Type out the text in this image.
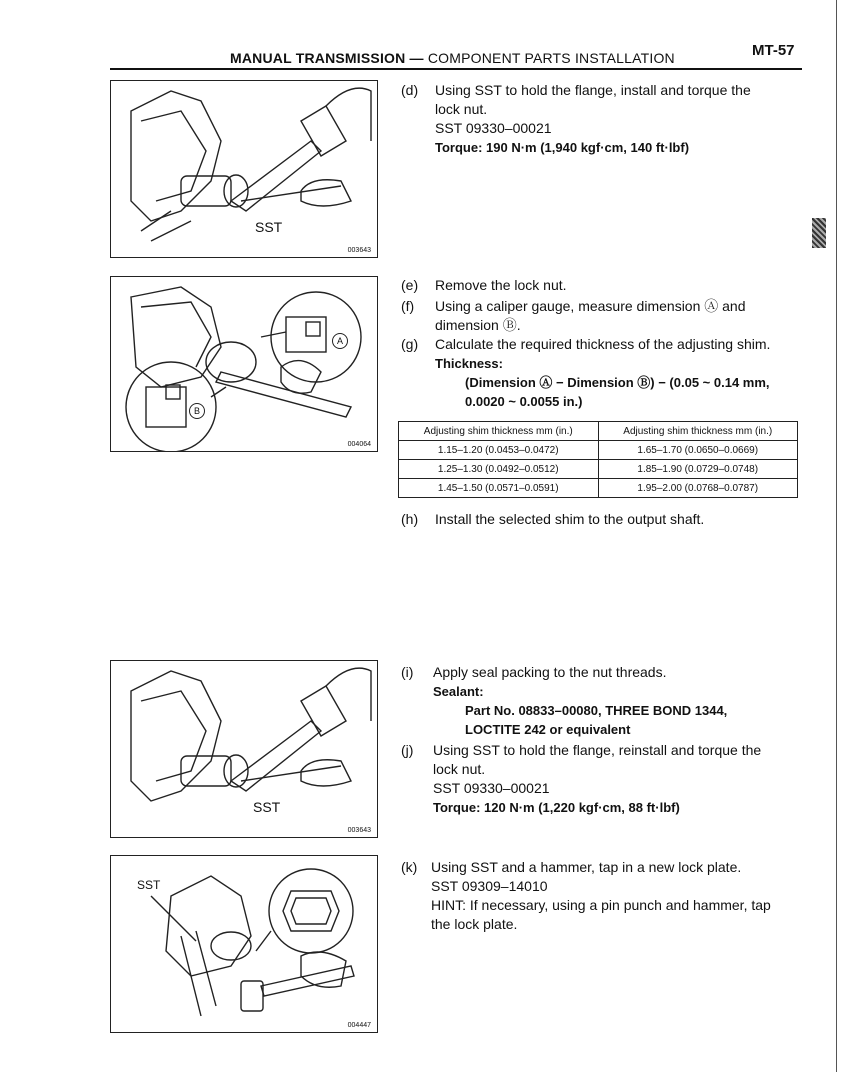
MANUAL TRANSMISSION — COMPONENT PARTS INSTALLATION	MT-57
SST
003643
(d) Using SST to hold the flange, install and torque the
lock nut.
SST 09330–00021
Torque: 190 N·m (1,940 kgf·cm, 140 ft·lbf)
A
B
004064
(e) Remove the lock nut.
(f) Using a caliper gauge, measure dimension Ⓐ and
dimension Ⓑ.
(g) Calculate the required thickness of the adjusting shim.
Thickness:
(Dimension Ⓐ − Dimension Ⓑ) − (0.05 ~ 0.14 mm,
0.0020 ~ 0.0055 in.)
Adjusting shim thickness mm (in.)	Adjusting shim thickness mm (in.)
1.15–1.20 (0.0453–0.0472)	1.65–1.70 (0.0650–0.0669)
1.25–1.30 (0.0492–0.0512)	1.85–1.90 (0.0729–0.0748)
1.45–1.50 (0.0571–0.0591)	1.95–2.00 (0.0768–0.0787)
(h) Install the selected shim to the output shaft.
SST
003643
(i) Apply seal packing to the nut threads.
Sealant:
Part No. 08833–00080, THREE BOND 1344,
LOCTITE 242 or equivalent
(j) Using SST to hold the flange, reinstall and torque the
lock nut.
SST 09330–00021
Torque: 120 N·m (1,220 kgf·cm, 88 ft·lbf)
SST
004447
(k) Using SST and a hammer, tap in a new lock plate.
SST 09309–14010
HINT: If necessary, using a pin punch and hammer, tap
the lock plate.
